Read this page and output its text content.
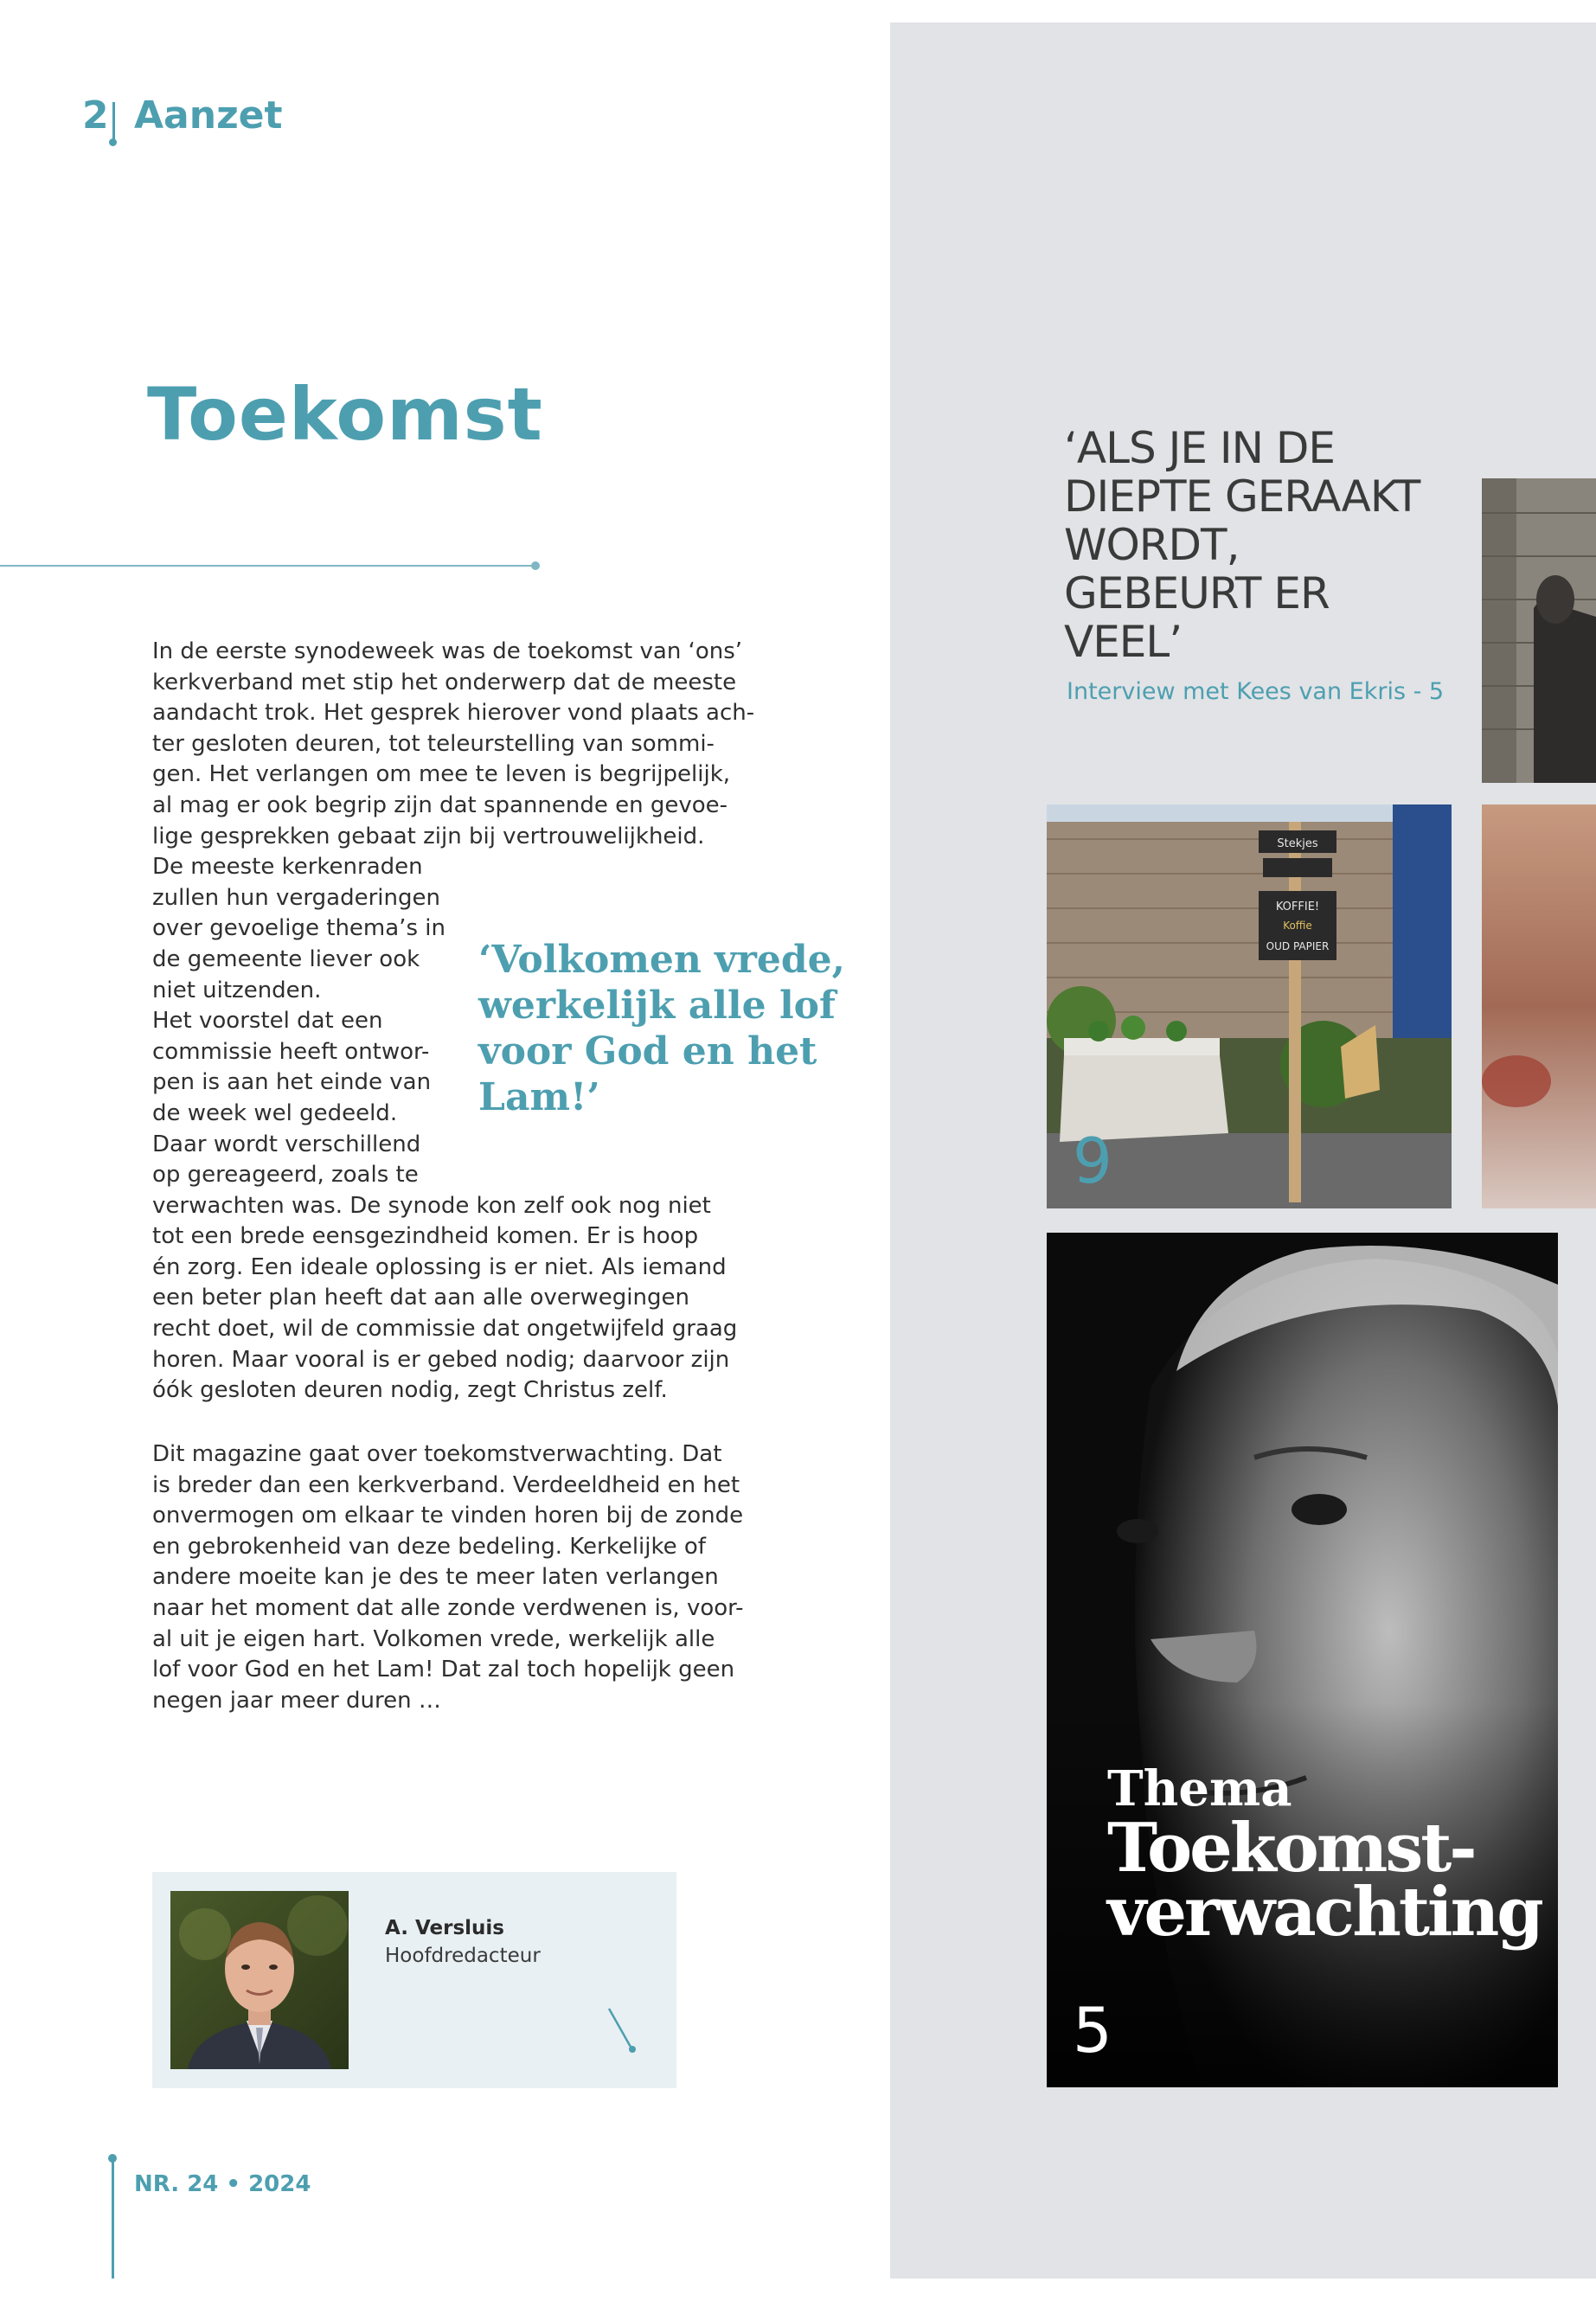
2 Aanzet
Toekomst
In de eerste synodeweek was de toekomst van ‘ons’
kerkverband met stip het onderwerp dat de meeste
aandacht trok. Het gesprek hierover vond plaats ach-
ter gesloten deuren, tot teleurstelling van sommi-
gen. Het verlangen om mee te leven is begrijpelijk,
al mag er ook begrip zijn dat spannende en gevoe-
lige gesprekken gebaat zijn bij vertrouwelijkheid.
De meeste kerkenraden
zullen hun vergaderingen
over gevoelige thema’s in
de gemeente liever ook
niet uitzenden.
Het voorstel dat een
commissie heeft ontwor-
pen is aan het einde van
de week wel gedeeld.
Daar wordt verschillend
op gereageerd, zoals te
verwachten was. De synode kon zelf ook nog niet
tot een brede eensgezindheid komen. Er is hoop
én zorg. Een ideale oplossing is er niet. Als iemand
een beter plan heeft dat aan alle overwegingen
recht doet, wil de commissie dat ongetwijfeld graag
horen. Maar vooral is er gebed nodig; daarvoor zijn
óók gesloten deuren nodig, zegt Christus zelf.
‘Volkomen vrede,
werkelijk alle lof
voor God en het
Lam!’
Dit magazine gaat over toekomstverwachting. Dat
is breder dan een kerkverband. Verdeeldheid en het
onvermogen om elkaar te vinden horen bij de zonde
en gebrokenheid van deze bedeling. Kerkelijke of
andere moeite kan je des te meer laten verlangen
naar het moment dat alle zonde verdwenen is, voor-
al uit je eigen hart. Volkomen vrede, werkelijk alle
lof voor God en het Lam! Dat zal toch hopelijk geen
negen jaar meer duren …
A. Versluis
Hoofdredacteur
NR. 24 • 2024
‘ALS JE IN DE
DIEPTE GERAAKT
WORDT,
GEBEURT ER
VEEL’
Interview met Kees van Ekris - 5
Stekjes
KOFFIE!
Koffie
OUD PAPIER
9
Thema
Toekomst-
verwachting
5
